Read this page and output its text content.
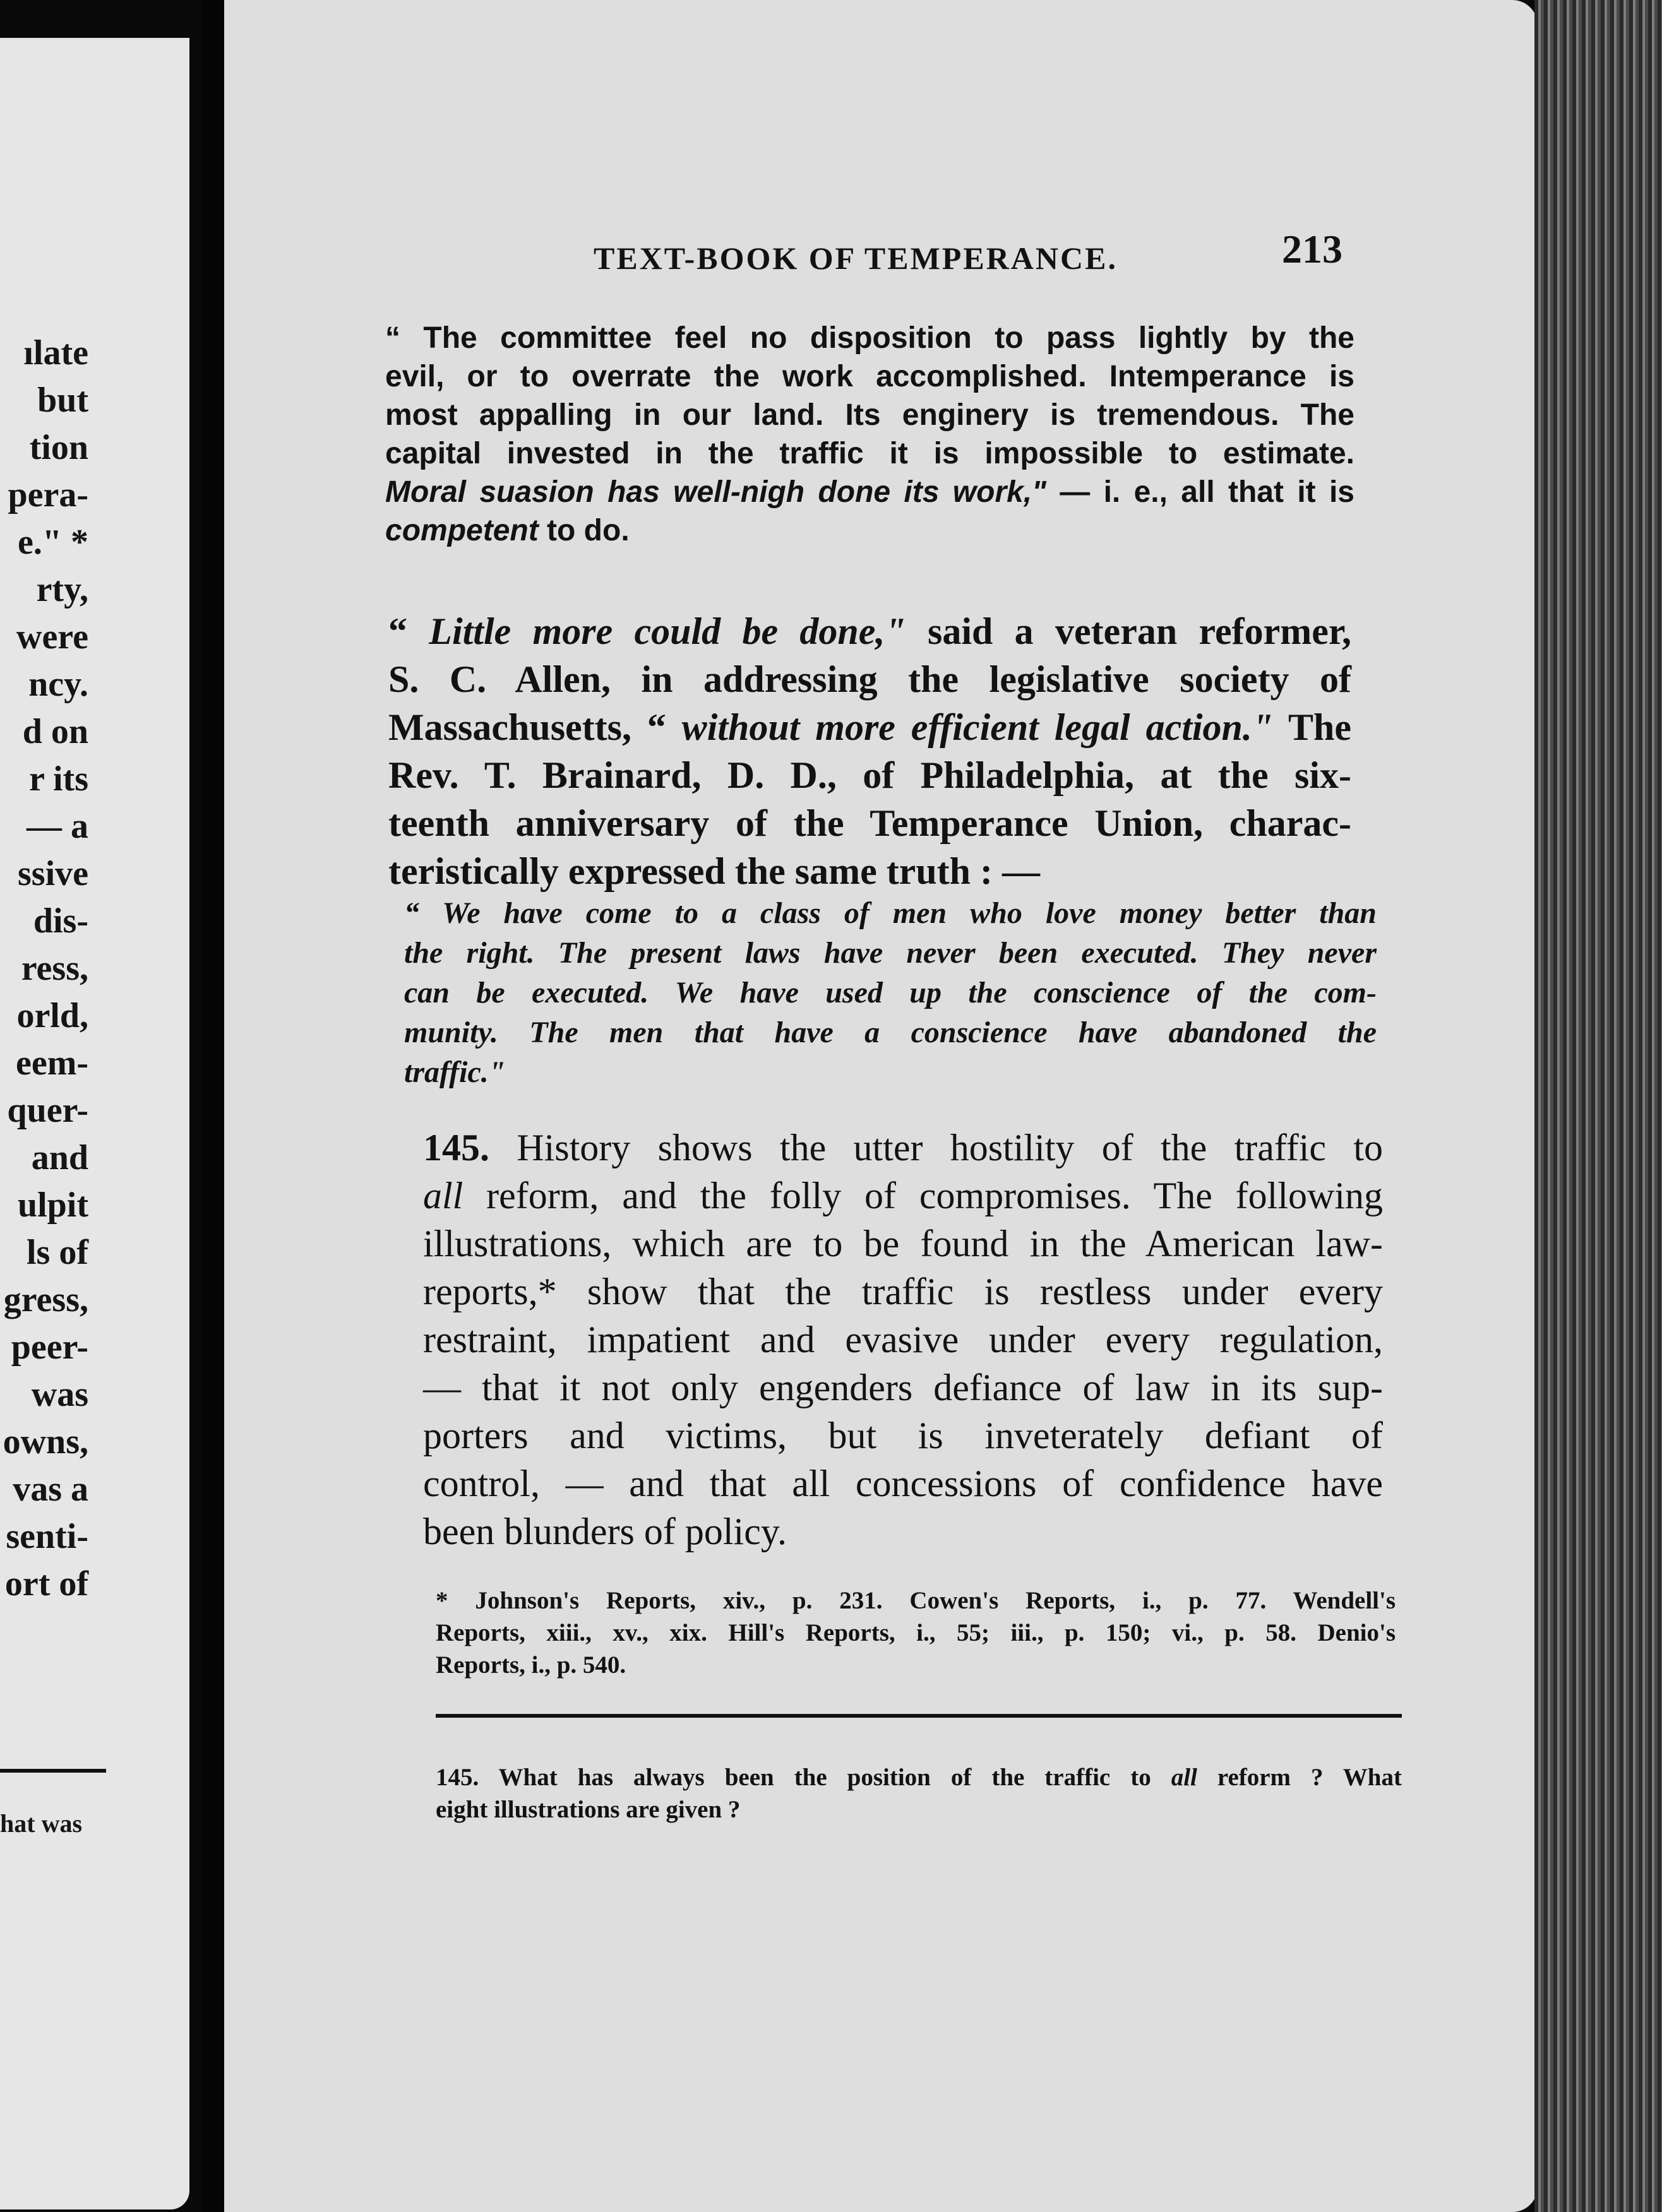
ılate
but
tion
pera-
e." *
rty,
were
ncy.
d on
r its
— a
ssive
dis-
ress,
orld,
eem-
quer-
and
ulpit
ls of
gress,
peer-
was
owns,
vas a
senti-
ort of
hat was
TEXT-BOOK OF TEMPERANCE.	213

“ The committee feel no disposition to pass lightly by the
evil, or to overrate the work accomplished. Intemperance is
most appalling in our land. Its enginery is tremendous. The
capital invested in the traffic it is impossible to estimate.
Moral suasion has well-nigh done its work," — i. e., all that it is
competent to do.

“ Little more could be done," said a veteran reformer,
S. C. Allen, in addressing the legislative society of
Massachusetts, “ without more efficient legal action." The
Rev. T. Brainard, D. D., of Philadelphia, at the six-
teenth anniversary of the Temperance Union, charac-
teristically expressed the same truth : —

“ We have come to a class of men who love money better than
the right. The present laws have never been executed. They never
can be executed. We have used up the conscience of the com-
munity. The men that have a conscience have abandoned the
traffic."

145. History shows the utter hostility of the traffic to
all reform, and the folly of compromises. The following
illustrations, which are to be found in the American law-
reports,* show that the traffic is restless under every
restraint, impatient and evasive under every regulation,
— that it not only engenders defiance of law in its sup-
porters and victims, but is inveterately defiant of
control, — and that all concessions of confidence have
been blunders of policy.

* Johnson's Reports, xiv., p. 231. Cowen's Reports, i., p. 77. Wendell's
Reports, xiii., xv., xix. Hill's Reports, i., 55; iii., p. 150; vi., p. 58. Denio's
Reports, i., p. 540.

145. What has always been the position of the traffic to all reform ? What
eight illustrations are given ?
